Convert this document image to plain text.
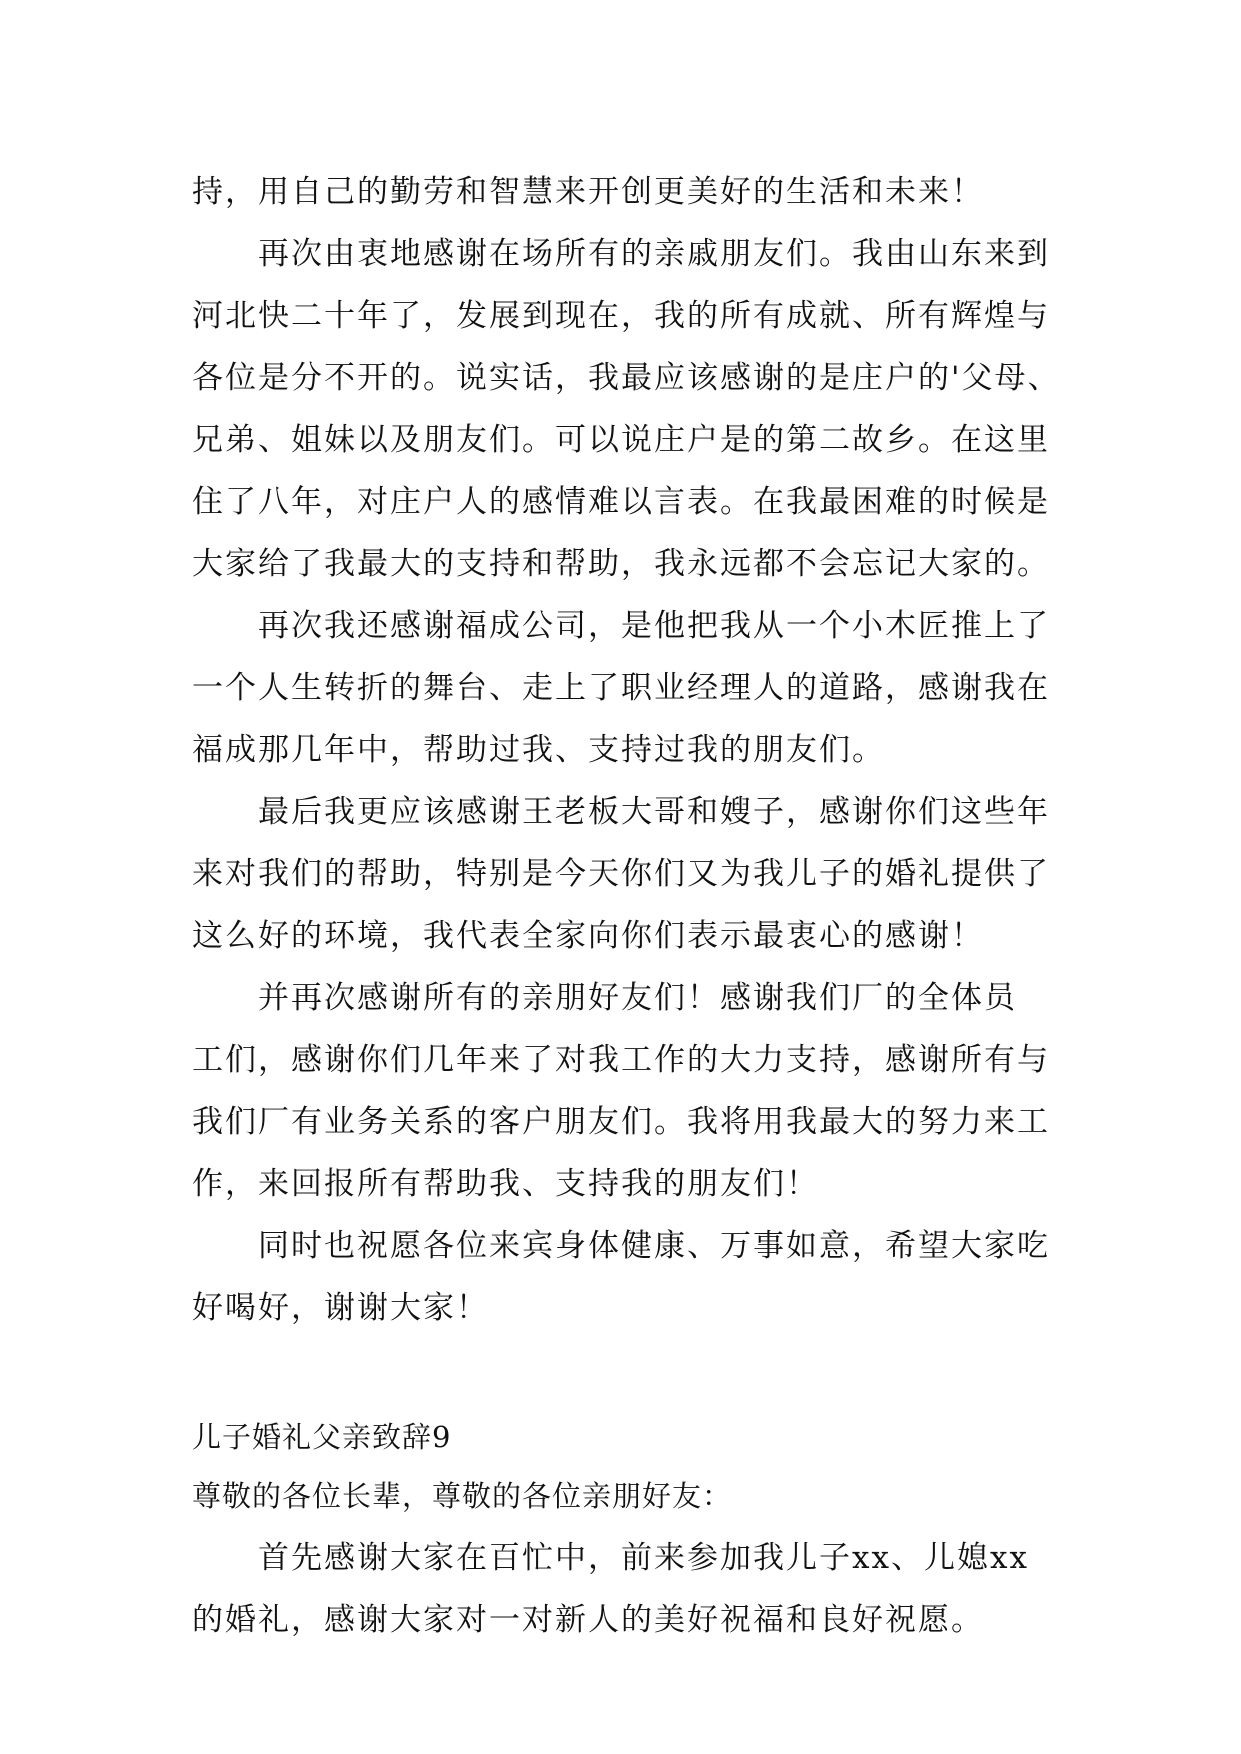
持，用自己的勤劳和智慧来开创更美好的生活和未来！
　　再次由衷地感谢在场所有的亲戚朋友们。我由山东来到
河北快二十年了，发展到现在，我的所有成就、所有辉煌与
各位是分不开的。说实话，我最应该感谢的是庄户的'父母、
兄弟、姐妹以及朋友们。可以说庄户是的第二故乡。在这里
住了八年，对庄户人的感情难以言表。在我最困难的时候是
大家给了我最大的支持和帮助，我永远都不会忘记大家的。
　　再次我还感谢福成公司，是他把我从一个小木匠推上了
一个人生转折的舞台、走上了职业经理人的道路，感谢我在
福成那几年中，帮助过我、支持过我的朋友们。
　　最后我更应该感谢王老板大哥和嫂子，感谢你们这些年
来对我们的帮助，特别是今天你们又为我儿子的婚礼提供了
这么好的环境，我代表全家向你们表示最衷心的感谢！
　　并再次感谢所有的亲朋好友们！感谢我们厂的全体员
工们，感谢你们几年来了对我工作的大力支持，感谢所有与
我们厂有业务关系的客户朋友们。我将用我最大的努力来工
作，来回报所有帮助我、支持我的朋友们！
　　同时也祝愿各位来宾身体健康、万事如意，希望大家吃
好喝好，谢谢大家！
儿子婚礼父亲致辞9
尊敬的各位长辈，尊敬的各位亲朋好友：
　　首先感谢大家在百忙中，前来参加我儿子xx、儿媳xx
的婚礼，感谢大家对一对新人的美好祝福和良好祝愿。
